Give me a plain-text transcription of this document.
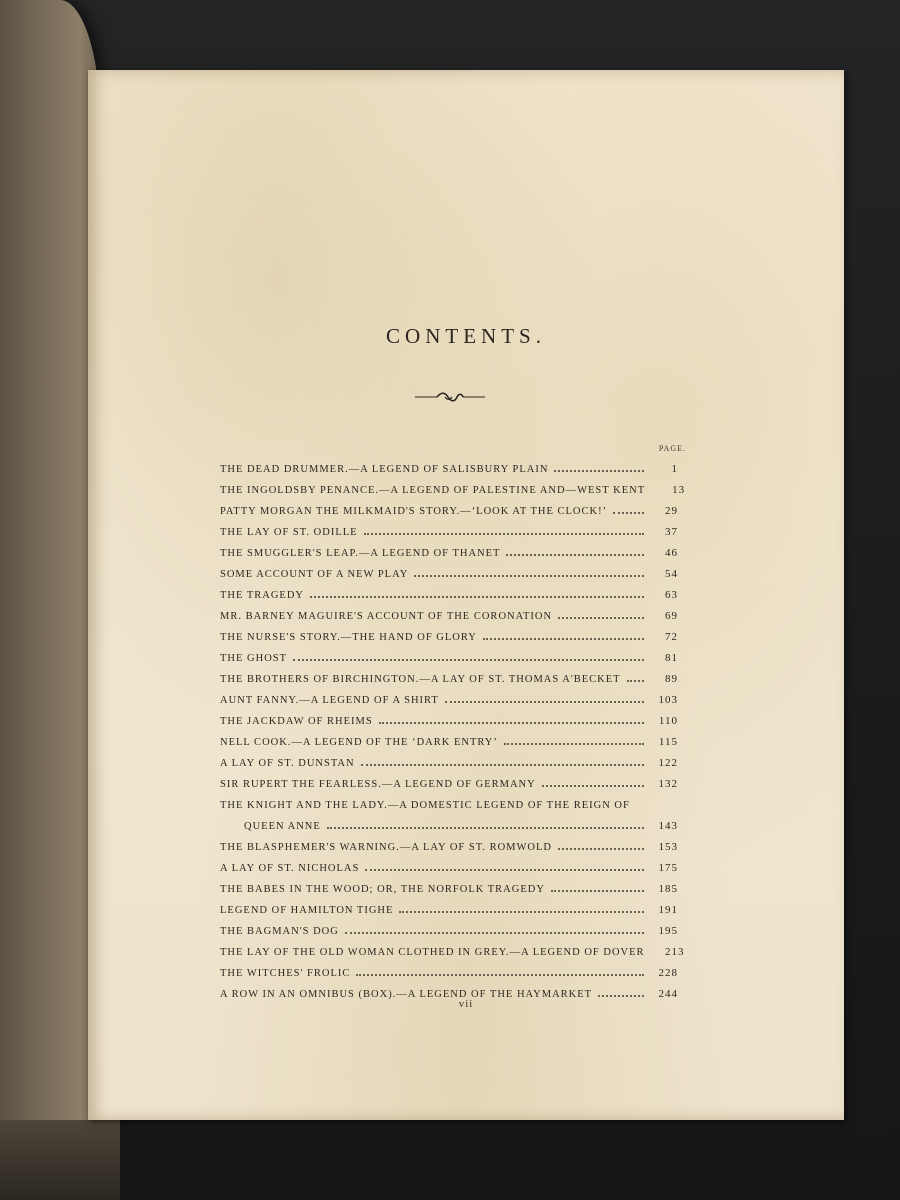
CONTENTS.
PAGE.
THE DEAD DRUMMER.—A LEGEND OF SALISBURY PLAIN	1
THE INGOLDSBY PENANCE.—A LEGEND OF PALESTINE AND—WEST KENT	13
PATTY MORGAN THE MILKMAID'S STORY.—‘LOOK AT THE CLOCK!’	29
THE LAY OF ST. ODILLE	37
THE SMUGGLER'S LEAP.—A LEGEND OF THANET	46
SOME ACCOUNT OF A NEW PLAY	54
THE TRAGEDY	63
MR. BARNEY MAGUIRE'S ACCOUNT OF THE CORONATION	69
THE NURSE'S STORY.—THE HAND OF GLORY	72
THE GHOST	81
THE BROTHERS OF BIRCHINGTON.—A LAY OF ST. THOMAS A'BECKET	89
AUNT FANNY.—A LEGEND OF A SHIRT	103
THE JACKDAW OF RHEIMS	110
NELL COOK.—A LEGEND OF THE ‘DARK ENTRY’	115
A LAY OF ST. DUNSTAN	122
SIR RUPERT THE FEARLESS.—A LEGEND OF GERMANY	132
THE KNIGHT AND THE LADY.—A DOMESTIC LEGEND OF THE REIGN OF
QUEEN ANNE	143
THE BLASPHEMER'S WARNING.—A LAY OF ST. ROMWOLD	153
A LAY OF ST. NICHOLAS	175
THE BABES IN THE WOOD; OR, THE NORFOLK TRAGEDY	185
LEGEND OF HAMILTON TIGHE	191
THE BAGMAN'S DOG	195
THE LAY OF THE OLD WOMAN CLOTHED IN GREY.—A LEGEND OF DOVER	213
THE WITCHES' FROLIC	228
A ROW IN AN OMNIBUS (BOX).—A LEGEND OF THE HAYMARKET	244
vii
